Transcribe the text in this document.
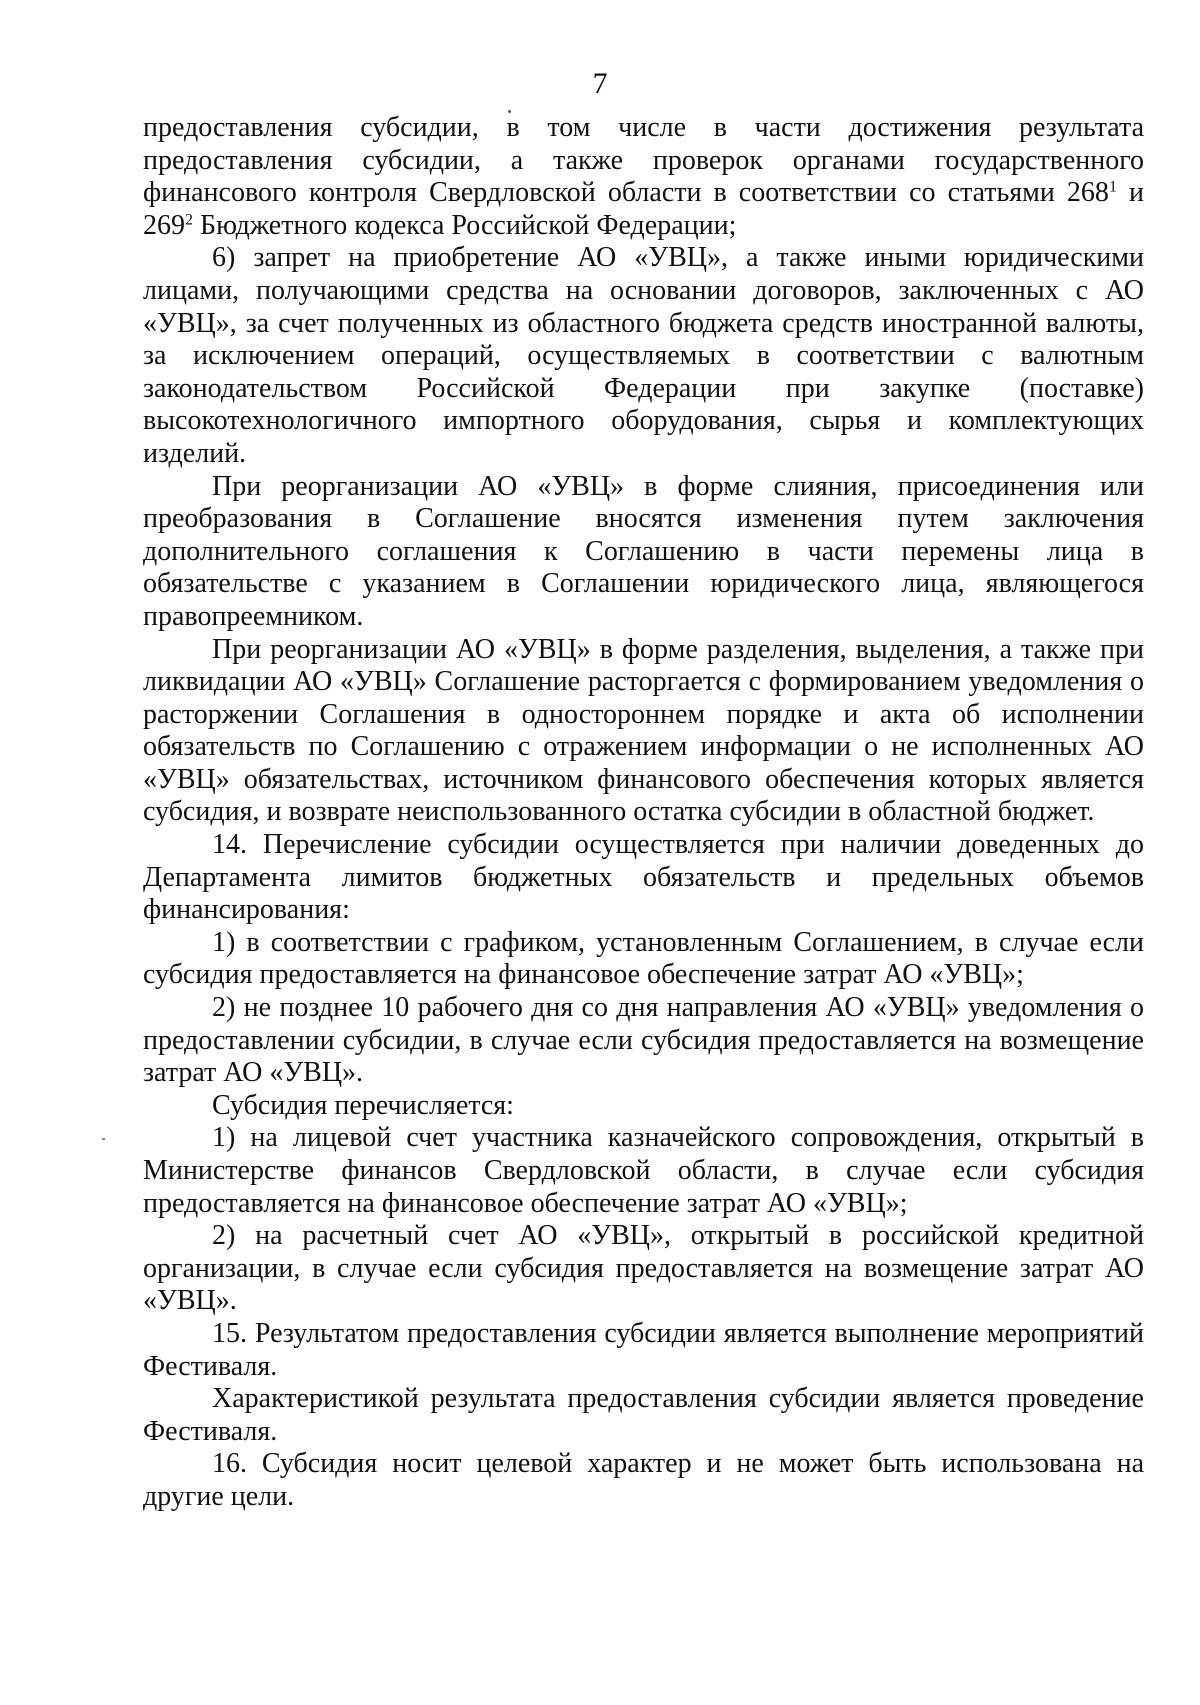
7

предоставления субсидии, в том числе в части достижения результата предоставления субсидии, а также проверок органами государственного финансового контроля Свердловской области в соответствии со статьями $268^1$ и $269^2$ Бюджетного кодекса Российской Федерации;

6) запрет на приобретение АО «УВЦ», а также иными юридическими лицами, получающими средства на основании договоров, заключенных с АО «УВЦ», за счет полученных из областного бюджета средств иностранной валюты, за исключением операций, осуществляемых в соответствии с валютным законодательством Российской Федерации при закупке (поставке) высокотехнологичного импортного оборудования, сырья и комплектующих изделий.

При реорганизации АО «УВЦ» в форме слияния, присоединения или преобразования в Соглашение вносятся изменения путем заключения дополнительного соглашения к Соглашению в части перемены лица в обязательстве с указанием в Соглашении юридического лица, являющегося правопреемником.

При реорганизации АО «УВЦ» в форме разделения, выделения, а также при ликвидации АО «УВЦ» Соглашение расторгается с формированием уведомления о расторжении Соглашения в одностороннем порядке и акта об исполнении обязательств по Соглашению с отражением информации о не исполненных АО «УВЦ» обязательствах, источником финансового обеспечения которых является субсидия, и возврате неиспользованного остатка субсидии в областной бюджет.

14. Перечисление субсидии осуществляется при наличии доведенных до Департамента лимитов бюджетных обязательств и предельных объемов финансирования:

1) в соответствии с графиком, установленным Соглашением, в случае если субсидия предоставляется на финансовое обеспечение затрат АО «УВЦ»;

2) не позднее 10 рабочего дня со дня направления АО «УВЦ» уведомления о предоставлении субсидии, в случае если субсидия предоставляется на возмещение затрат АО «УВЦ».

Субсидия перечисляется:

1) на лицевой счет участника казначейского сопровождения, открытый в Министерстве финансов Свердловской области, в случае если субсидия предоставляется на финансовое обеспечение затрат АО «УВЦ»;

2) на расчетный счет АО «УВЦ», открытый в российской кредитной организации, в случае если субсидия предоставляется на возмещение затрат АО «УВЦ».

15. Результатом предоставления субсидии является выполнение мероприятий Фестиваля.

Характеристикой результата предоставления субсидии является проведение Фестиваля.

16. Субсидия носит целевой характер и не может быть использована на другие цели.
